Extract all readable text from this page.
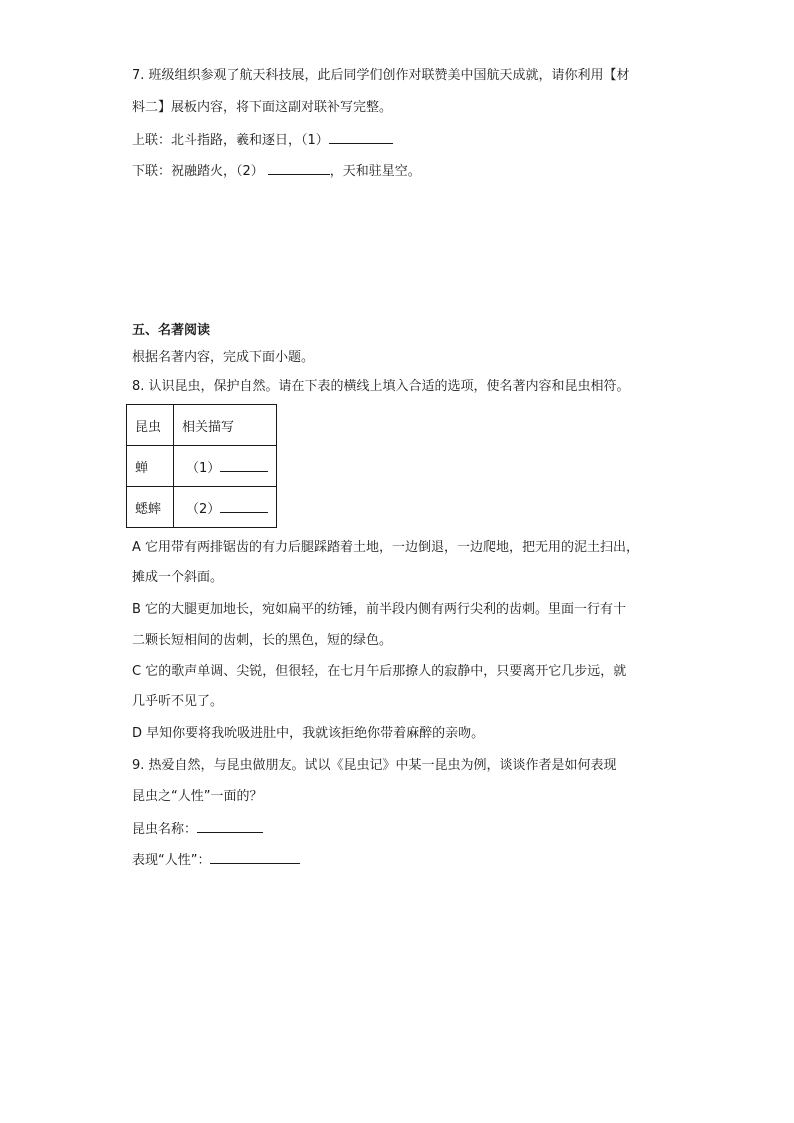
7. 班级组织参观了航天科技展，此后同学们创作对联赞美中国航天成就，请你利用【材
料二】展板内容，将下面这副对联补写完整。
上联：北斗指路，羲和逐日，（1）
下联：祝融踏火，（2）	，天和驻星空。
五、名著阅读
根据名著内容，完成下面小题。
8. 认识昆虫，保护自然。请在下表的横线上填入合适的选项，使名著内容和昆虫相符。
昆虫	相关描写
蝉	（1）
蟋蟀	（2）
A 它用带有两排锯齿的有力后腿踩踏着土地，一边倒退，一边爬地，把无用的泥土扫出，
摊成一个斜面。
B 它的大腿更加地长，宛如扁平的纺锤，前半段内侧有两行尖利的齿刺。里面一行有十
二颗长短相间的齿刺，长的黑色，短的绿色。
C 它的歌声单调、尖锐，但很轻，在七月午后那撩人的寂静中，只要离开它几步远，就
几乎听不见了。
D 早知你要将我吮吸进肚中，我就该拒绝你带着麻醉的亲吻。
9. 热爱自然，与昆虫做朋友。试以《昆虫记》中某一昆虫为例，谈谈作者是如何表现
昆虫之“人性”一面的？
昆虫名称：
表现“人性”：
